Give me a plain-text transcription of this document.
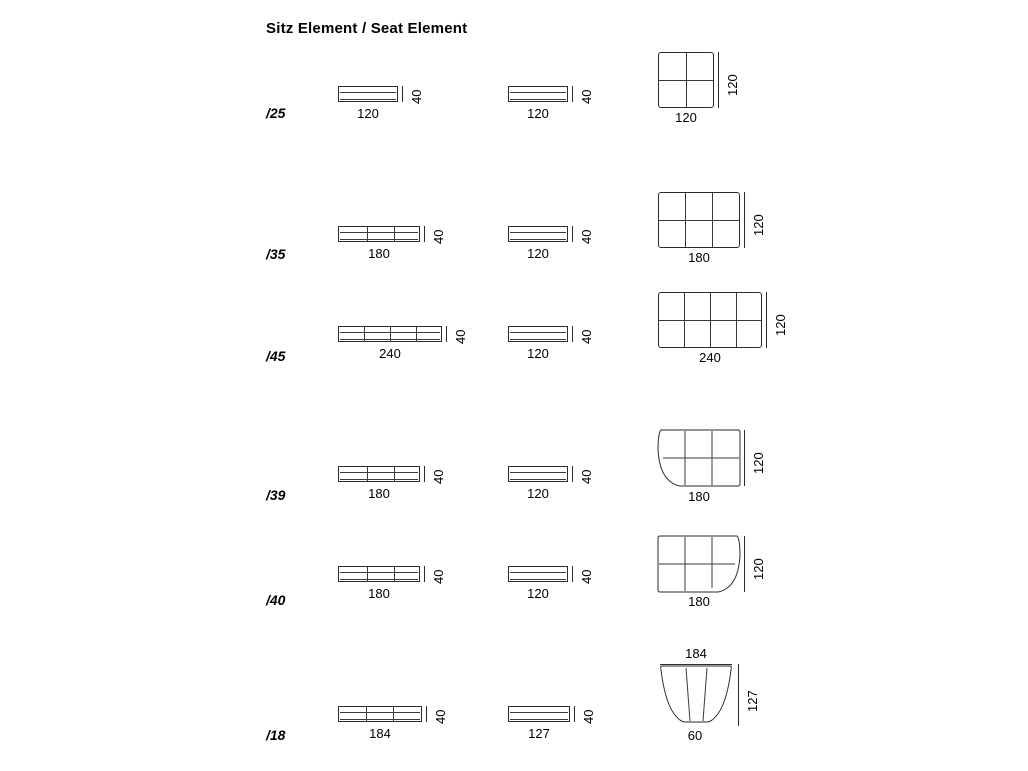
Sitz Element / Seat Element
/25
40
120
40
120
120
120
/35
40
180
40
120
120
180
/45
40
240
40
120
120
240
/39
40
180
40
120
120
180
/40
40
180
40
120
120
180
/18
40
184
40
127
184
127
60
